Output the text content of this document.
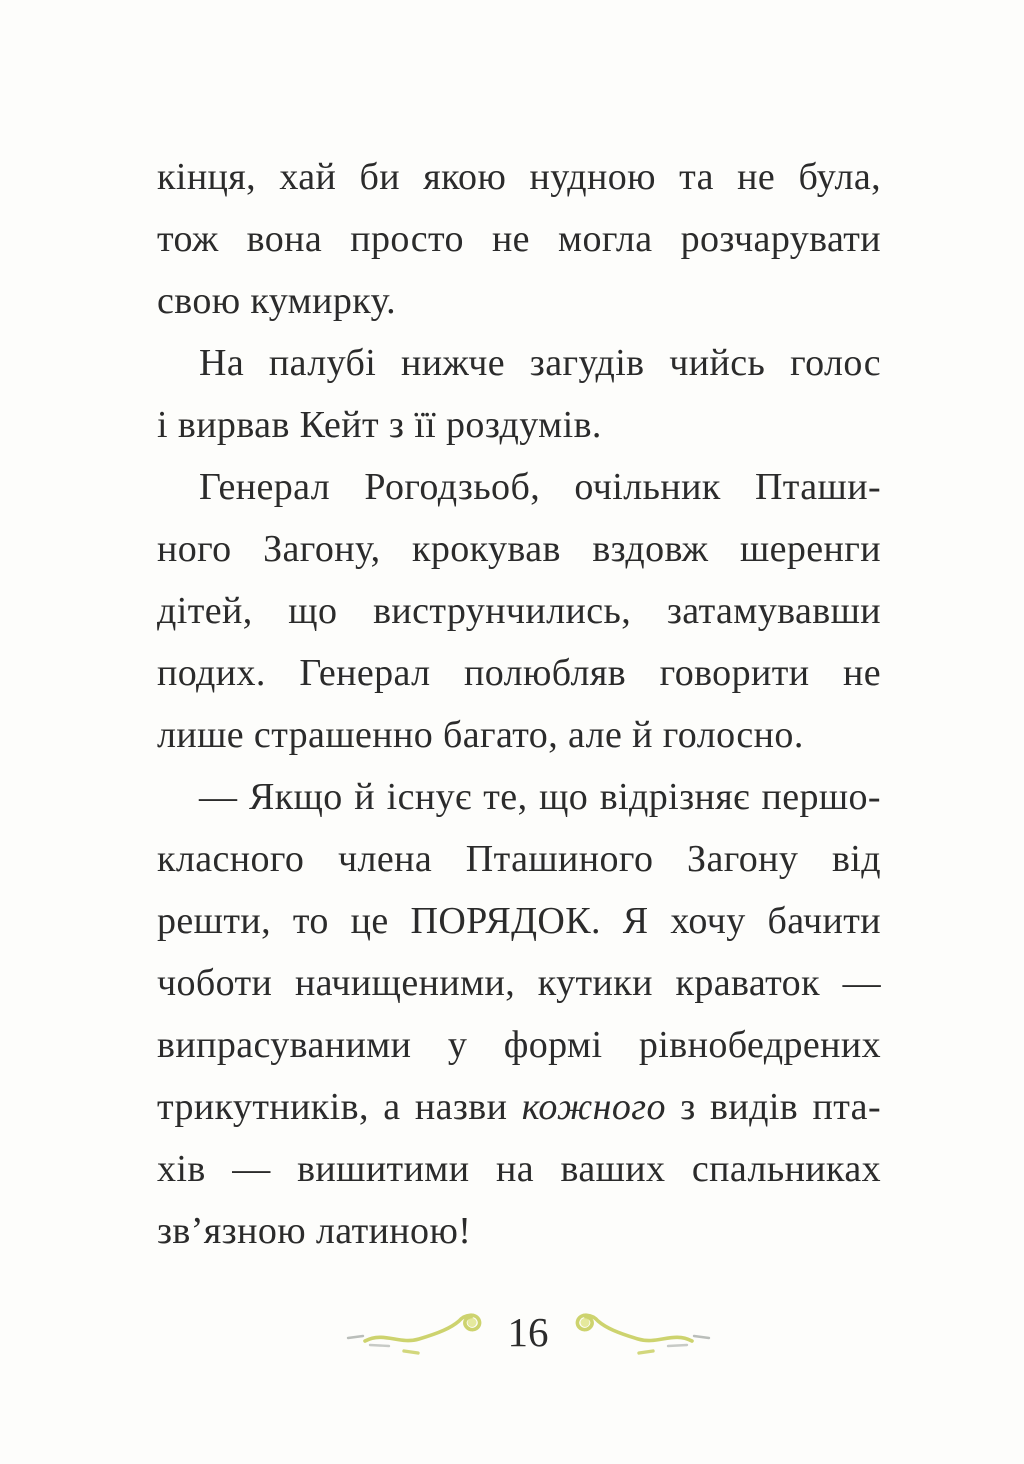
кінця, хай би якою нудною та не була,
тож вона просто не могла розчарувати
свою кумирку.
На палубі нижче загудів чийсь голос
і вирвав Кейт з її роздумів.
Генерал Рогодзьоб, очільник Пташи-
ного Загону, крокував вздовж шеренги
дітей, що виструнчились, затамувавши
подих. Генерал полюбляв говорити не
лише страшенно багато, але й голосно.
— Якщо й існує те, що відрізняє першо-
класного члена Пташиного Загону від
решти, то це ПОРЯДОК. Я хочу бачити
чоботи начищеними, кутики краваток —
випрасуваними у формі рівнобедрених
трикутників, а назви кожного з видів пта-
хів — вишитими на ваших спальниках
зв’язною латиною!
16
